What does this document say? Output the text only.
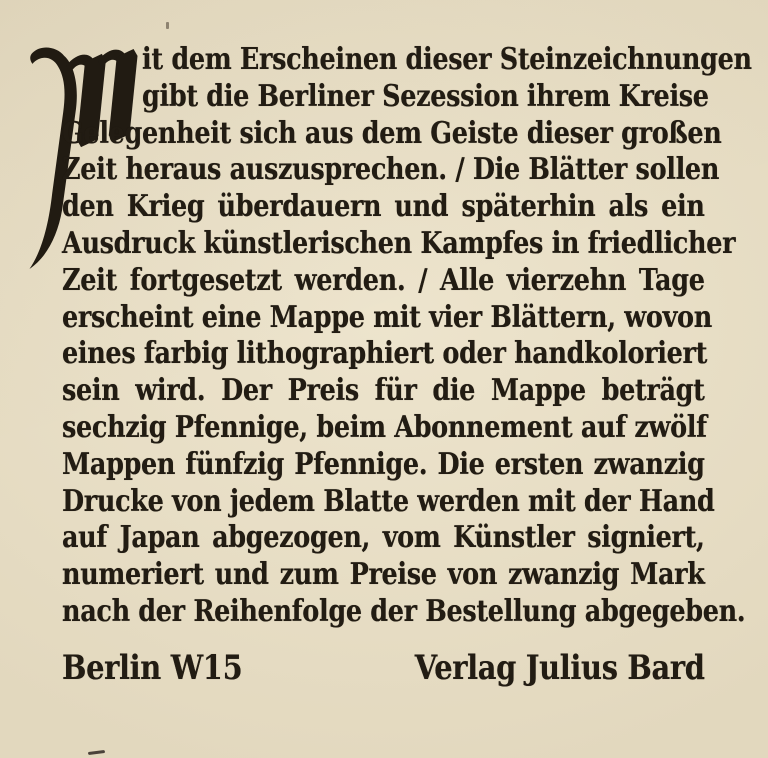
it dem Erscheinen dieser Steinzeichnungen
gibt die Berliner Sezession ihrem Kreise
Gelegenheit sich aus dem Geiste dieser großen
Zeit heraus auszusprechen. / Die Blätter sollen
den Krieg überdauern und späterhin als ein
Ausdruck künstlerischen Kampfes in friedlicher
Zeit fortgesetzt werden. / Alle vierzehn Tage
erscheint eine Mappe mit vier Blättern, wovon
eines farbig lithographiert oder handkoloriert
sein wird. Der Preis für die Mappe beträgt
sechzig Pfennige, beim Abonnement auf zwölf
Mappen fünfzig Pfennige. Die ersten zwanzig
Drucke von jedem Blatte werden mit der Hand
auf Japan abgezogen, vom Künstler signiert,
numeriert und zum Preise von zwanzig Mark
nach der Reihenfolge der Bestellung abgegeben.
Berlin W15	Verlag Julius Bard
